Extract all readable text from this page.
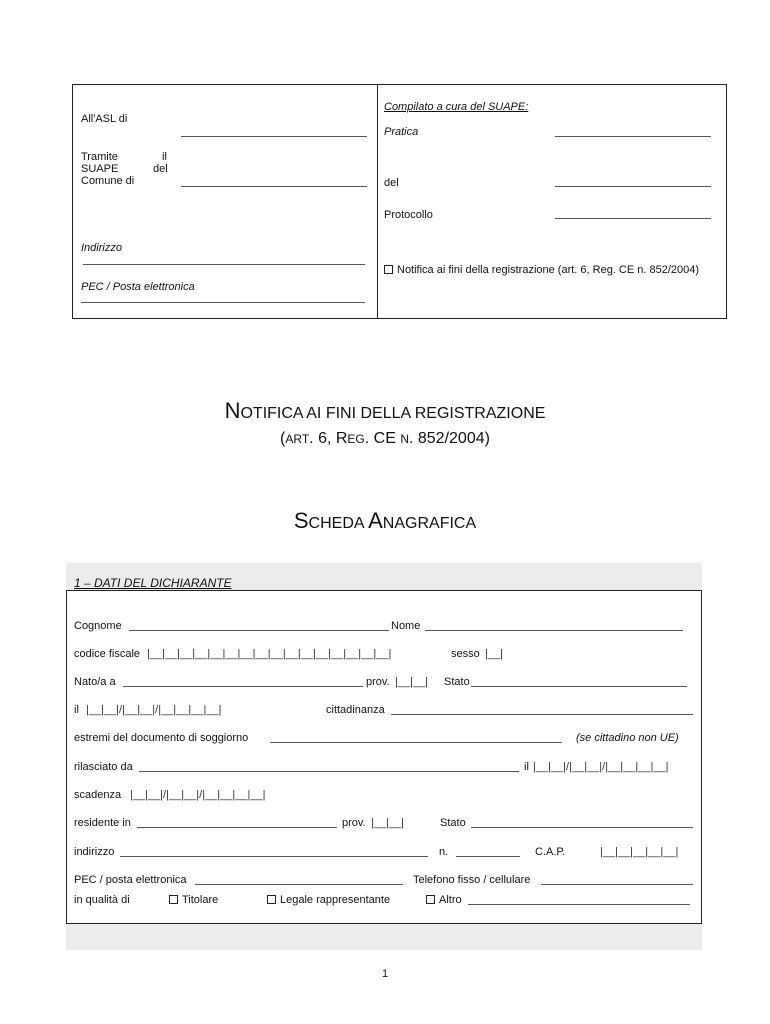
All'ASL di
Tramite	il
SUAPE	del
Comune di
Indirizzo
PEC / Posta elettronica
Compilato a cura del SUAPE:
Pratica
del
Protocollo
Notifica ai fini della registrazione (art. 6, Reg. CE n. 852/2004)
NOTIFICA AI FINI DELLA REGISTRAZIONE
(ART. 6, REG. CE N. 852/2004)
SCHEDA ANAGRAFICA
1 – DATI DEL DICHIARANTE
Cognome	Nome
codice fiscale |__|__|__|__|__|__|__|__|__|__|__|__|__|__|__|__|	sesso |__|
Nato/a a	prov. |__|__| Stato
il |__|__|/|__|__|/|__|__|__|__|	cittadinanza
estremi del documento di soggiorno	(se cittadino non UE)
rilasciato da	il |__|__|/|__|__|/|__|__|__|__|
scadenza |__|__|/|__|__|/|__|__|__|__|
residente in	prov. |__|__|	Stato
indirizzo	n.	C.A.P.	|__|__|__|__|__|
PEC / posta elettronica	Telefono fisso / cellulare
in qualità di	Titolare	Legale rappresentante	Altro
1
